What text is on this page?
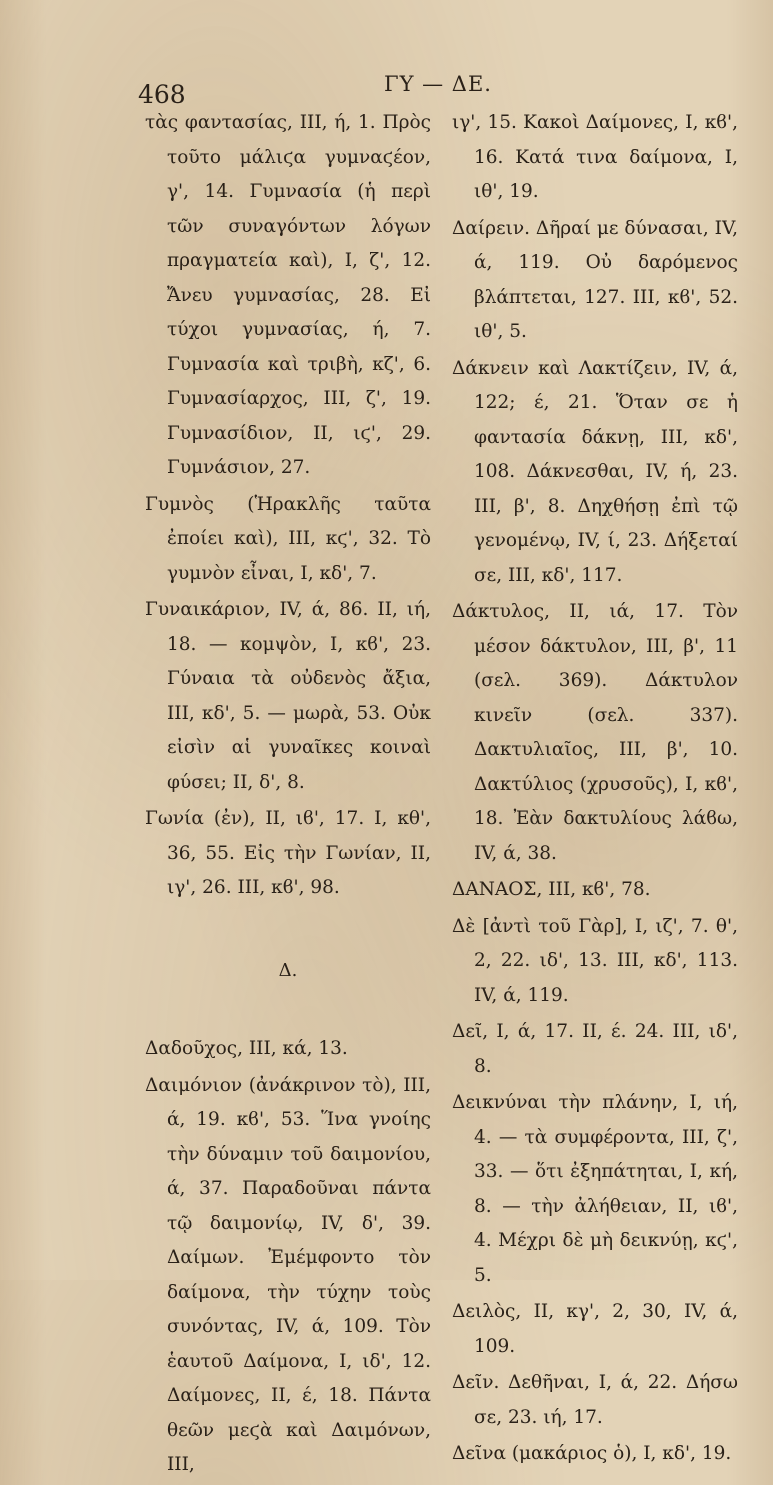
468	ΓΥ — ΔΕ.

τὰς φαντασίας, III, ή, 1. Πρὸς τοῦτο μάλιϛα γυμναϛέον, γ', 14. Γυμνασία (ἡ περὶ τῶν συναγόντων λόγων πραγματεία καὶ), I, ζ', 12. Ἄνευ γυμνασίας, 28. Εἰ τύχοι γυμνασίας, ή, 7. Γυμνασία καὶ τριβὴ, κζ', 6. Γυμνασίαρχος, III, ζ', 19. Γυμνασίδιον, II, ιϛ', 29. Γυμνάσιον, 27.

Γυμνὸς (Ἡρακλῆς ταῦτα ἐποίει καὶ), III, κϛ', 32. Τὸ γυμνὸν εἶναι, I, κδ', 7.

Γυναικάριον, IV, ά, 86. II, ιή, 18. — κομψὸν, I, κϐ', 23. Γύναια τὰ οὐδενὸς ἄξια, III, κδ', 5. — μωρὰ, 53. Οὐκ εἰσὶν αἱ γυναῖκες κοιναὶ φύσει; II, δ', 8.

Γωνία (ἐν), II, ιϐ', 17. I, κθ', 36, 55. Εἰς τὴν Γωνίαν, II, ιγ', 26. III, κϐ', 98.

Δ.

Δαδοῦχος, III, κά, 13.

Δαιμόνιον (ἀνάκρινον τὸ), III, ά, 19. κϐ', 53. Ἵνα γνοίης τὴν δύναμιν τοῦ δαιμονίου, ά, 37. Παραδοῦναι πάντα τῷ δαιμονίῳ, IV, δ', 39. Δαίμων. Ἐμέμφοντο τὸν δαίμονα, τὴν τύχην τοὺς συνόντας, IV, ά, 109. Τὸν ἑαυτοῦ Δαίμονα, I, ιδ', 12. Δαίμονες, II, έ, 18. Πάντα θεῶν μεϛὰ καὶ Δαιμόνων, III,

ιγ', 15. Κακοὶ Δαίμονες, I, κϐ', 16. Κατά τινα δαίμονα, I, ιθ', 19.

Δαίρειν. Δῆραί με δύνασαι, IV, ά, 119. Οὐ δαρόμενος βλάπτεται, 127. III, κϐ', 52. ιθ', 5.

Δάκνειν καὶ Λακτίζειν, IV, ά, 122; έ, 21. Ὅταν σε ἡ φαντασία δάκνῃ, III, κδ', 108. Δάκνεσθαι, IV, ή, 23. III, β', 8. Δηχθήσῃ ἐπὶ τῷ γενομένῳ, IV, ί, 23. Δήξεταί σε, III, κδ', 117.

Δάκτυλος, II, ιά, 17. Τὸν μέσον δάκτυλον, III, β', 11 (σελ. 369). Δάκτυλον κινεῖν (σελ. 337). Δακτυλιαῖος, III, β', 10. Δακτύλιος (χρυσοῦς), I, κϐ', 18. Ἐὰν δακτυλίους λάϐω, IV, ά, 38.

ΔΑΝΑΟΣ, III, κϐ', 78.

Δὲ [ἀντὶ τοῦ Γὰρ], I, ιζ', 7. θ', 2, 22. ιδ', 13. III, κδ', 113. IV, ά, 119.

Δεῖ, I, ά, 17. II, έ. 24. III, ιδ', 8.

Δεικνύναι τὴν πλάνην, I, ιή, 4. — τὰ συμφέροντα, III, ζ', 33. — ὅτι ἐξηπάτηται, I, κή, 8. — τὴν ἀλήθειαν, II, ιϐ', 4. Μέχρι δὲ μὴ δεικνύῃ, κϛ', 5.

Δειλὸς, II, κγ', 2, 30, IV, ά, 109.

Δεῖν. Δεθῆναι, I, ά, 22. Δήσω σε, 23. ιή, 17.

Δεῖνα (μακάριος ὁ), I, κδ', 19.
